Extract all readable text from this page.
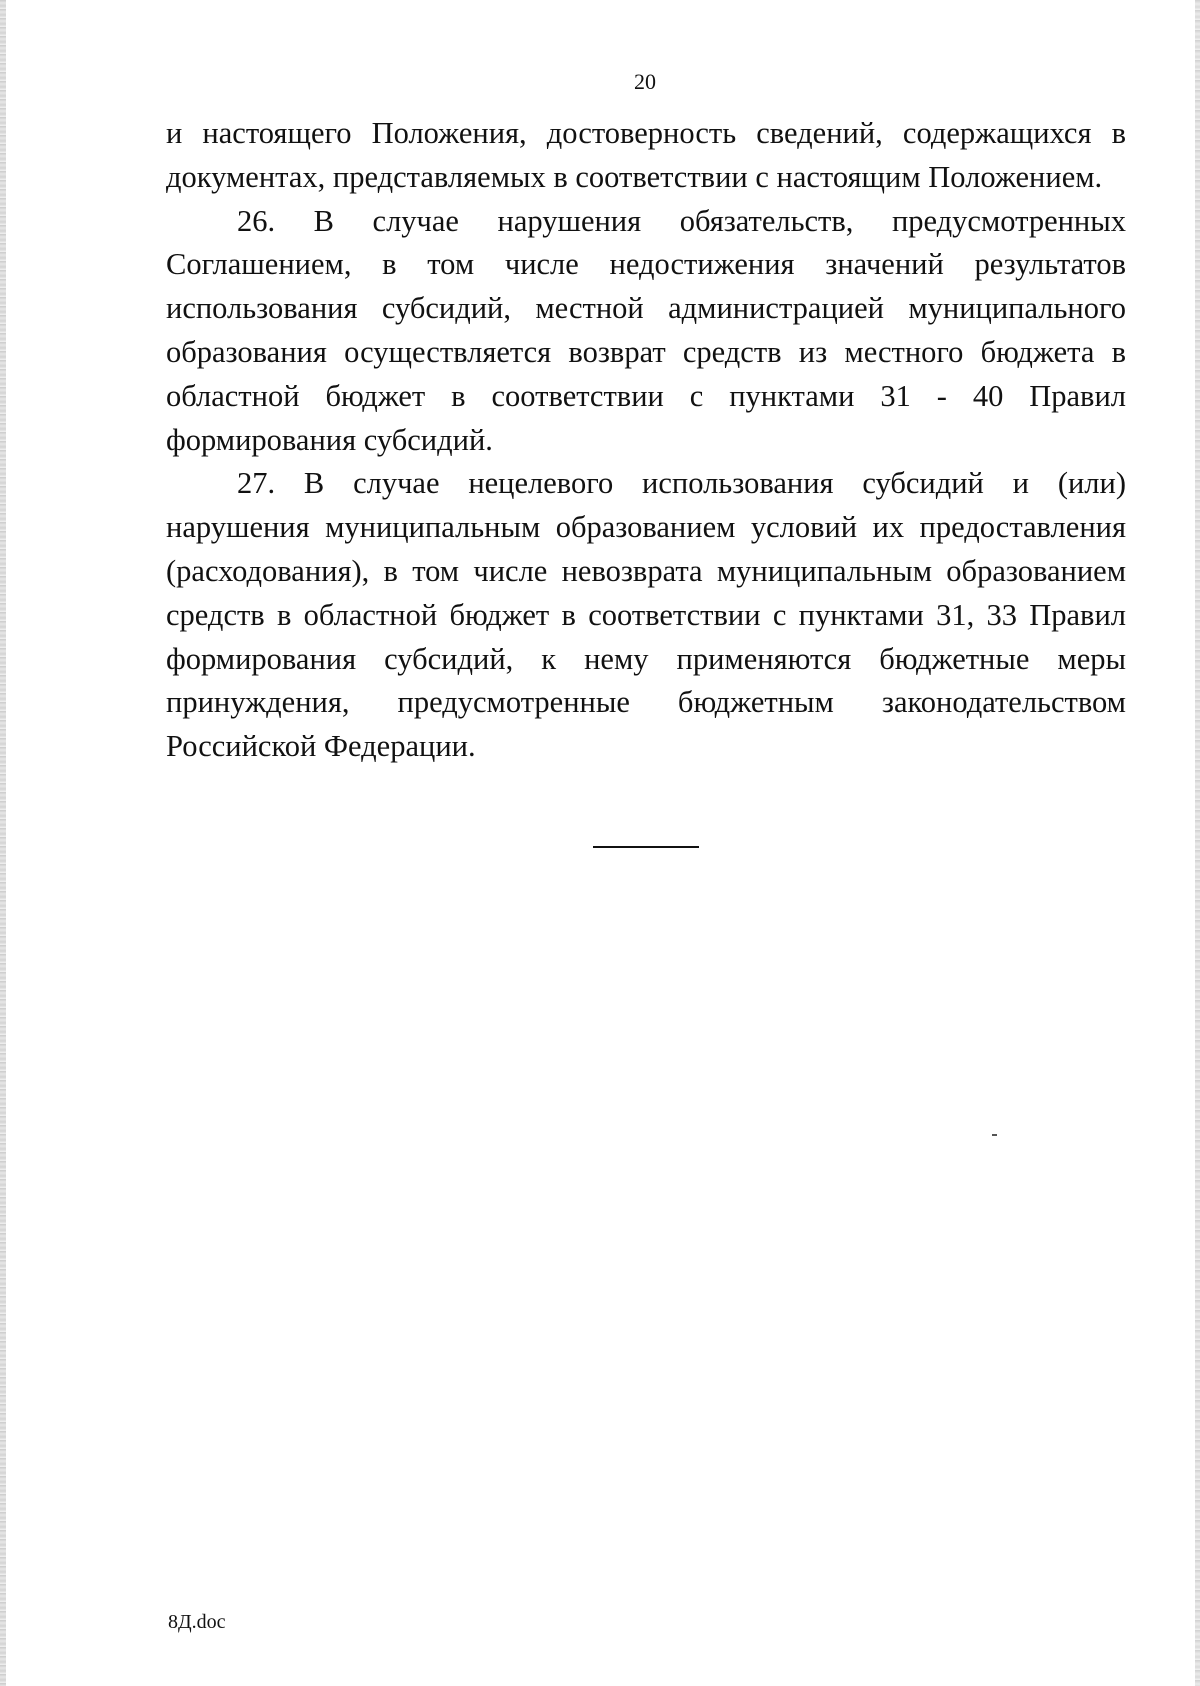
20

и настоящего Положения, достоверность сведений, содержащихся в документах, представляемых в соответствии с настоящим Положением.

26. В случае нарушения обязательств, предусмотренных Соглашением, в том числе недостижения значений результатов использования субсидий, местной администрацией муниципального образования осуществляется возврат средств из местного бюджета в областной бюджет в соответствии с пунктами 31 - 40 Правил формирования субсидий.

27. В случае нецелевого использования субсидий и (или) нарушения муниципальным образованием условий их предоставления (расходования), в том числе невозврата муниципальным образованием средств в областной бюджет в соответствии с пунктами 31, 33 Правил формирования субсидий, к нему применяются бюджетные меры принуждения, предусмотренные бюджетным законодательством Российской Федерации.

8Д.doc
